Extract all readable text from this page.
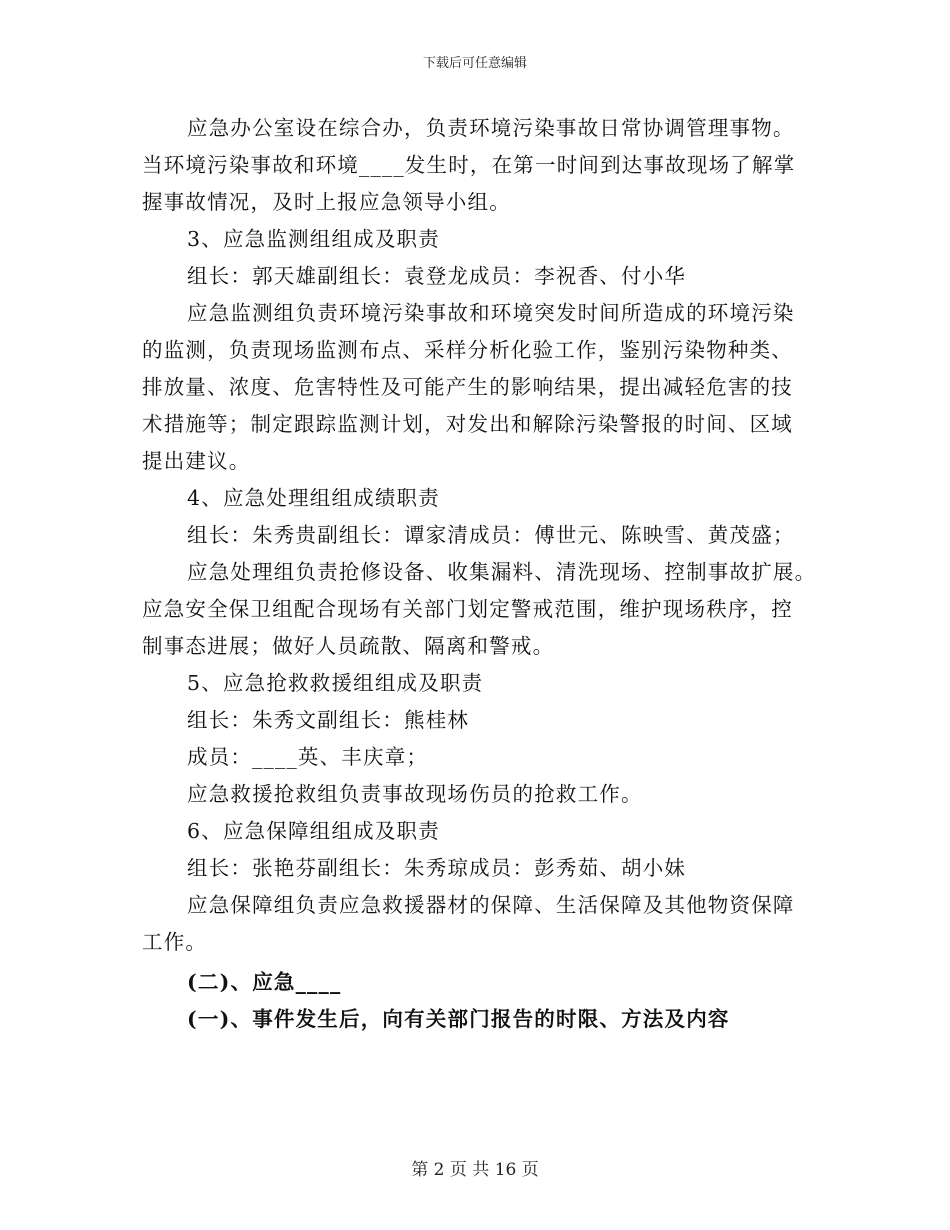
下载后可任意编辑

应急办公室设在综合办，负责环境污染事故日常协调管理事物。

当环境污染事故和环境____发生时，在第一时间到达事故现场了解掌

握事故情况，及时上报应急领导小组。

3、应急监测组组成及职责

组长：郭天雄副组长：袁登龙成员：李祝香、付小华

应急监测组负责环境污染事故和环境突发时间所造成的环境污染

的监测，负责现场监测布点、采样分析化验工作，鉴别污染物种类、

排放量、浓度、危害特性及可能产生的影响结果，提出减轻危害的技

术措施等；制定跟踪监测计划，对发出和解除污染警报的时间、区域

提出建议。

4、应急处理组组成绩职责

组长：朱秀贵副组长：谭家清成员：傅世元、陈映雪、黄茂盛；

应急处理组负责抢修设备、收集漏料、清洗现场、控制事故扩展。

应急安全保卫组配合现场有关部门划定警戒范围，维护现场秩序，控

制事态进展；做好人员疏散、隔离和警戒。

5、应急抢救救援组组成及职责

组长：朱秀文副组长：熊桂林

成员：____英、丰庆章；

应急救援抢救组负责事故现场伤员的抢救工作。

6、应急保障组组成及职责

组长：张艳芬副组长：朱秀琼成员：彭秀茹、胡小妹

应急保障组负责应急救援器材的保障、生活保障及其他物资保障

工作。

(二)、应急____

(一)、事件发生后，向有关部门报告的时限、方法及内容

第 2 页 共 16 页
